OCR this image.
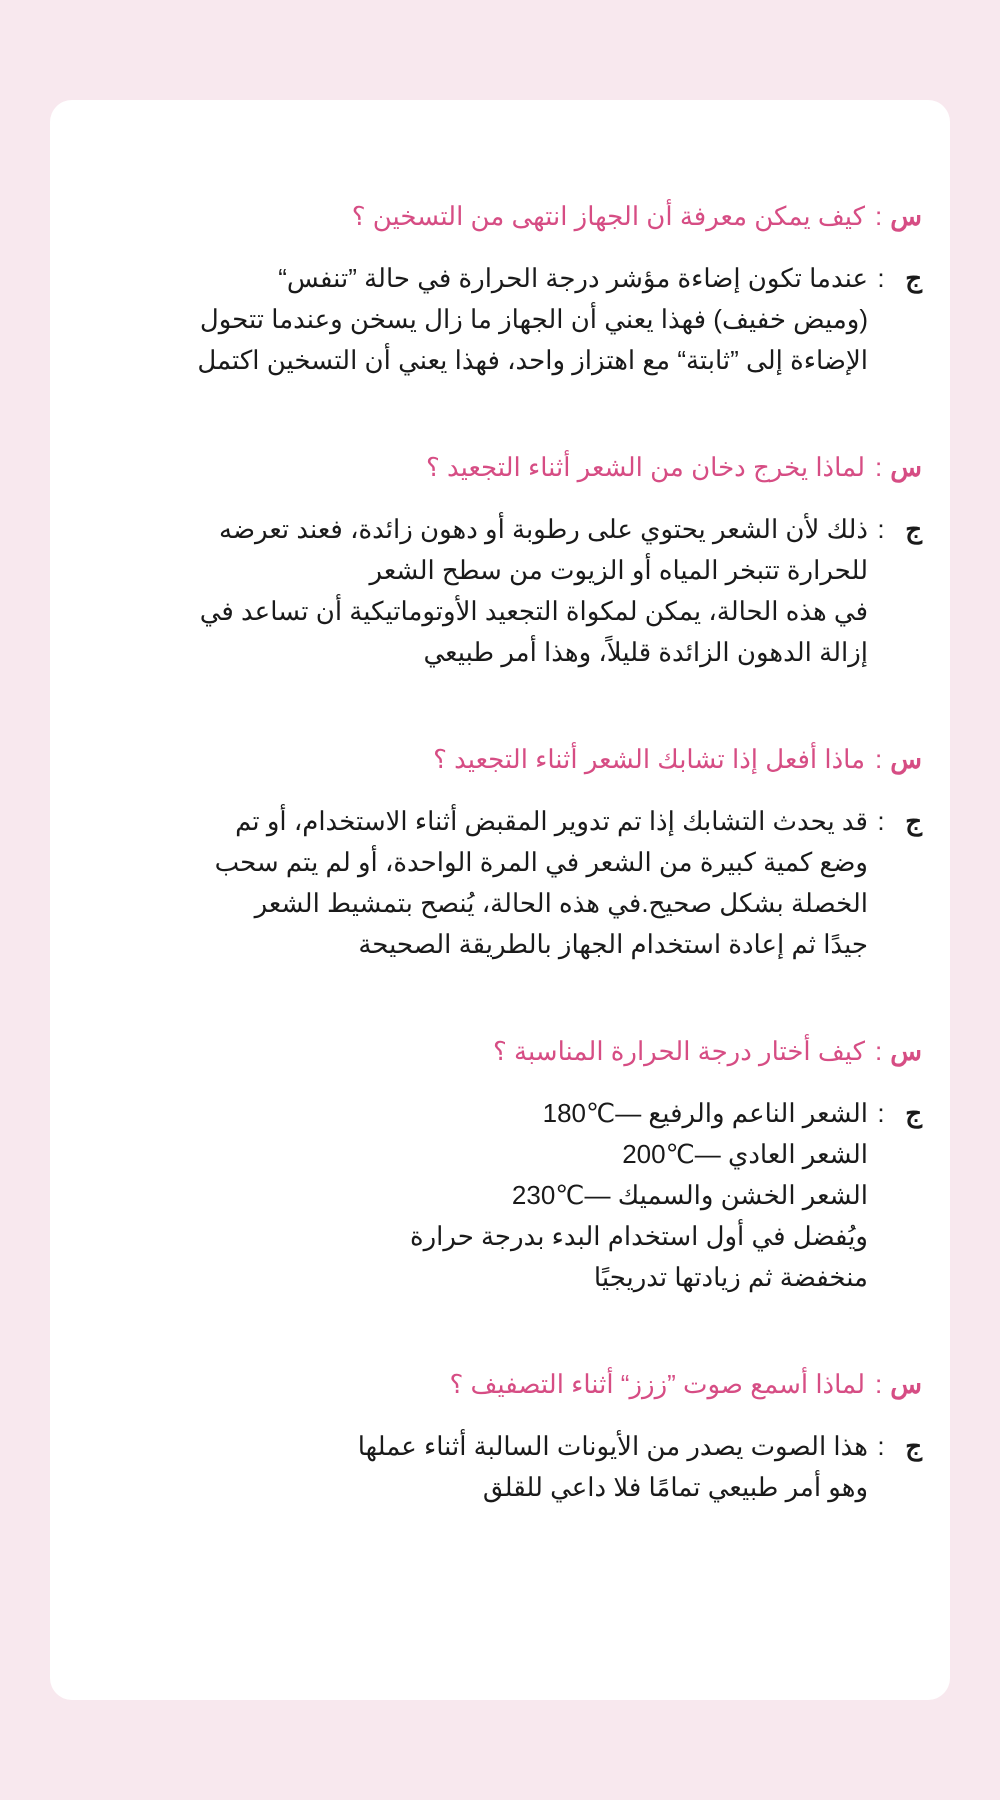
س
:
كيف يمكن معرفة أن الجهاز انتهى من التسخين ؟
ج
:
عندما تكون إضاءة مؤشر درجة الحرارة في حالة ”تنفس“
(وميض خفيف) فهذا يعني أن الجهاز ما زال يسخن وعندما تتحول
الإضاءة إلى ”ثابتة“ مع اهتزاز واحد، فهذا يعني أن التسخين اكتمل
س
:
لماذا يخرج دخان من الشعر أثناء التجعيد ؟
ج
:
ذلك لأن الشعر يحتوي على رطوبة أو دهون زائدة، فعند تعرضه
للحرارة تتبخر المياه أو الزيوت من سطح الشعر
في هذه الحالة، يمكن لمكواة التجعيد الأوتوماتيكية أن تساعد في
إزالة الدهون الزائدة قليلاً، وهذا أمر طبيعي
س
:
ماذا أفعل إذا تشابك الشعر أثناء التجعيد ؟
ج
:
قد يحدث التشابك إذا تم تدوير المقبض أثناء الاستخدام، أو تم
وضع كمية كبيرة من الشعر في المرة الواحدة، أو لم يتم سحب
الخصلة بشكل صحيح.في هذه الحالة، يُنصح بتمشيط الشعر
جيدًا ثم إعادة استخدام الجهاز بالطريقة الصحيحة
س
:
كيف أختار درجة الحرارة المناسبة ؟
ج
:
الشعر الناعم والرفيع —℃180
الشعر العادي —℃200
الشعر الخشن والسميك —℃230
ويُفضل في أول استخدام البدء بدرجة حرارة
منخفضة ثم زيادتها تدريجيًا
س
:
لماذا أسمع صوت ”ززز“ أثناء التصفيف ؟
ج
:
هذا الصوت يصدر من الأيونات السالبة أثناء عملها
وهو أمر طبيعي تمامًا فلا داعي للقلق
